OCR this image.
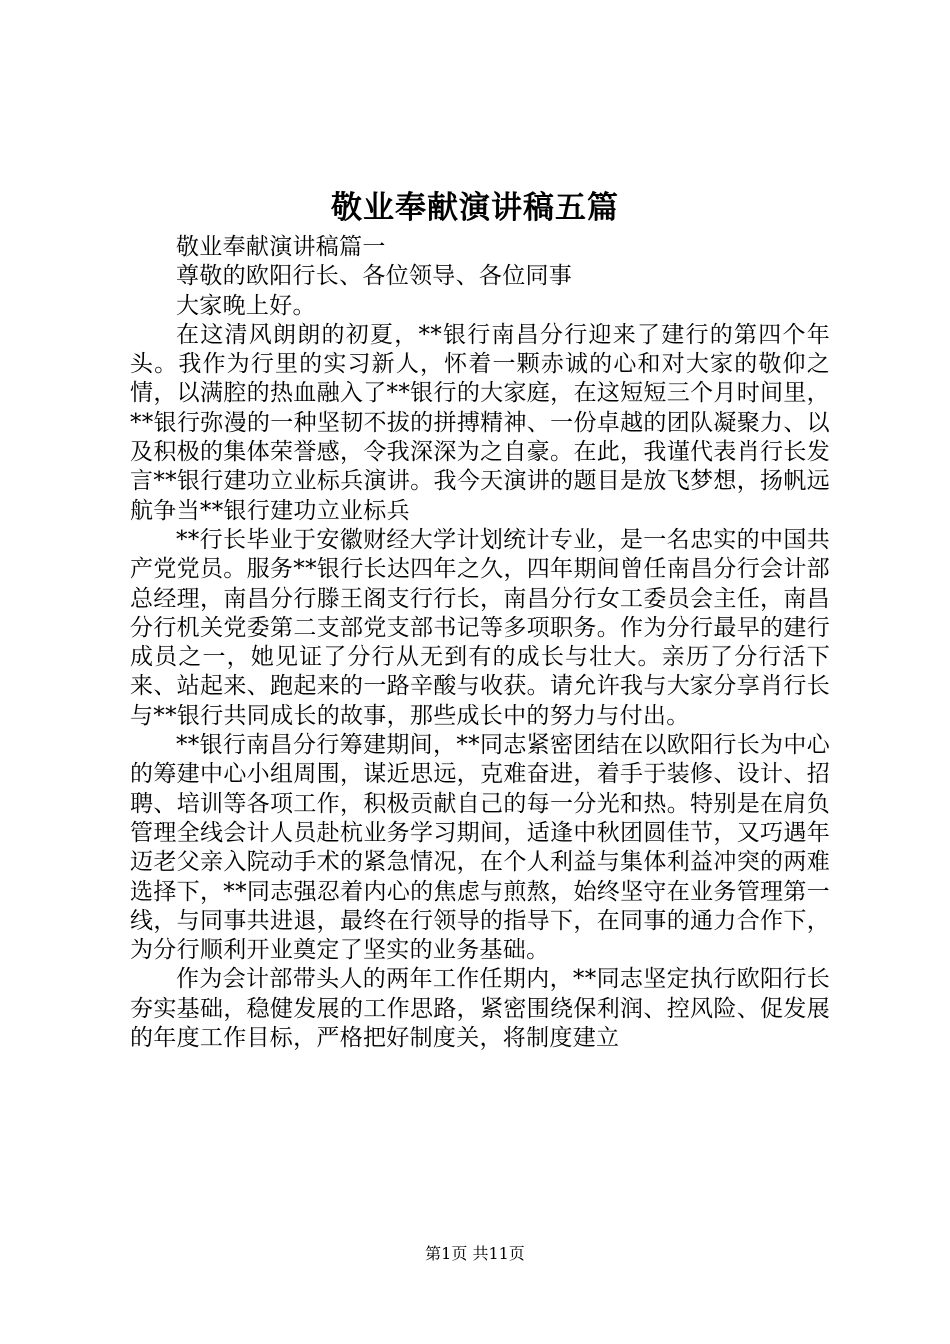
敬业奉献演讲稿五篇

敬业奉献演讲稿篇一

尊敬的欧阳行长、各位领导、各位同事

大家晚上好。

在这清风朗朗的初夏，**银行南昌分行迎来了建行的第四个年头。我作为行里的实习新人，怀着一颗赤诚的心和对大家的敬仰之情，以满腔的热血融入了**银行的大家庭，在这短短三个月时间里，**银行弥漫的一种坚韧不拔的拼搏精神、一份卓越的团队凝聚力、以及积极的集体荣誉感，令我深深为之自豪。在此，我谨代表肖行长发言**银行建功立业标兵演讲。我今天演讲的题目是放飞梦想，扬帆远航争当**银行建功立业标兵

**行长毕业于安徽财经大学计划统计专业，是一名忠实的中国共产党党员。服务**银行长达四年之久，四年期间曾任南昌分行会计部总经理，南昌分行滕王阁支行行长，南昌分行女工委员会主任，南昌分行机关党委第二支部党支部书记等多项职务。作为分行最早的建行成员之一，她见证了分行从无到有的成长与壮大。亲历了分行活下来、站起来、跑起来的一路辛酸与收获。请允许我与大家分享肖行长与**银行共同成长的故事，那些成长中的努力与付出。

**银行南昌分行筹建期间，**同志紧密团结在以欧阳行长为中心的筹建中心小组周围，谋近思远，克难奋进，着手于装修、设计、招聘、培训等各项工作，积极贡献自己的每一分光和热。特别是在肩负管理全线会计人员赴杭业务学习期间，适逢中秋团圆佳节，又巧遇年迈老父亲入院动手术的紧急情况，在个人利益与集体利益冲突的两难选择下，**同志强忍着内心的焦虑与煎熬，始终坚守在业务管理第一线，与同事共进退，最终在行领导的指导下，在同事的通力合作下，为分行顺利开业奠定了坚实的业务基础。

作为会计部带头人的两年工作任期内，**同志坚定执行欧阳行长夯实基础，稳健发展的工作思路，紧密围绕保利润、控风险、促发展的年度工作目标，严格把好制度关，将制度建立

第1页 共11页
